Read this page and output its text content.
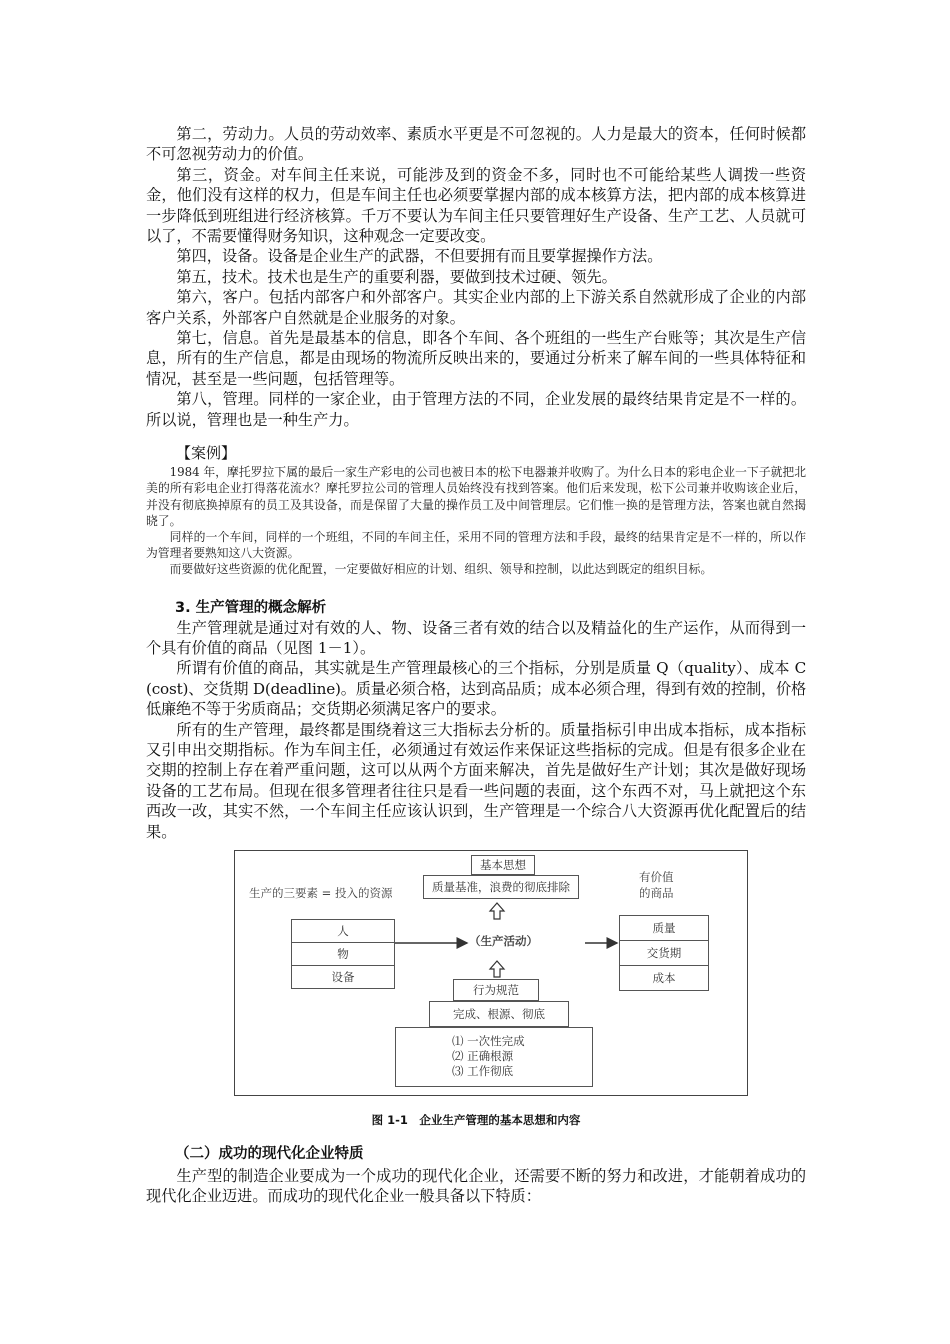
第二，劳动力。人员的劳动效率、素质水平更是不可忽视的。人力是最大的资本，任何时候都不可忽视劳动力的价值。

第三，资金。对车间主任来说，可能涉及到的资金不多，同时也不可能给某些人调拨一些资金，他们没有这样的权力，但是车间主任也必须要掌握内部的成本核算方法，把内部的成本核算进一步降低到班组进行经济核算。千万不要认为车间主任只要管理好生产设备、生产工艺、人员就可以了，不需要懂得财务知识，这种观念一定要改变。

第四，设备。设备是企业生产的武器，不但要拥有而且要掌握操作方法。

第五，技术。技术也是生产的重要利器，要做到技术过硬、领先。

第六，客户。包括内部客户和外部客户。其实企业内部的上下游关系自然就形成了企业的内部客户关系，外部客户自然就是企业服务的对象。

第七，信息。首先是最基本的信息，即各个车间、各个班组的一些生产台账等；其次是生产信息，所有的生产信息，都是由现场的物流所反映出来的，要通过分析来了解车间的一些具体特征和情况，甚至是一些问题，包括管理等。

第八，管理。同样的一家企业，由于管理方法的不同，企业发展的最终结果肯定是不一样的。所以说，管理也是一种生产力。

【案例】

1984 年，摩托罗拉下属的最后一家生产彩电的公司也被日本的松下电器兼并收购了。为什么日本的彩电企业一下子就把北美的所有彩电企业打得落花流水？摩托罗拉公司的管理人员始终没有找到答案。他们后来发现，松下公司兼并收购该企业后，并没有彻底换掉原有的员工及其设备，而是保留了大量的操作员工及中间管理层。它们惟一换的是管理方法，答案也就自然揭晓了。

同样的一个车间，同样的一个班组，不同的车间主任，采用不同的管理方法和手段，最终的结果肯定是不一样的，所以作为管理者要熟知这八大资源。

而要做好这些资源的优化配置，一定要做好相应的计划、组织、领导和控制，以此达到既定的组织目标。

3. 生产管理的概念解析

生产管理就是通过对有效的人、物、设备三者有效的结合以及精益化的生产运作，从而得到一个具有价值的商品（见图 1－1）。

所谓有价值的商品，其实就是生产管理最核心的三个指标，分别是质量 Q（quality）、成本 C(cost)、交货期 D(deadline)。质量必须合格，达到高品质；成本必须合理，得到有效的控制，价格低廉绝不等于劣质商品；交货期必须满足客户的要求。

所有的生产管理，最终都是围绕着这三大指标去分析的。质量指标引申出成本指标，成本指标又引申出交期指标。作为车间主任，必须通过有效运作来保证这些指标的完成。但是有很多企业在交期的控制上存在着严重问题，这可以从两个方面来解决，首先是做好生产计划；其次是做好现场设备的工艺布局。但现在很多管理者往往只是看一些问题的表面，这个东西不对，马上就把这个东西改一改，其实不然，一个车间主任应该认识到，生产管理是一个综合八大资源再优化配置后的结果。

生产的三要素 = 投入的资源
有价值
的商品
基本思想
质量基准，浪费的彻底排除
人
物
设备
（生产活动）
质量
交货期
成本
行为规范
完成、根源、彻底
⑴ 一次性完成
⑵ 正确根源
⑶ 工作彻底
图 1-1　企业生产管理的基本思想和内容
（二）成功的现代化企业特质

生产型的制造企业要成为一个成功的现代化企业，还需要不断的努力和改进，才能朝着成功的现代化企业迈进。而成功的现代化企业一般具备以下特质：
